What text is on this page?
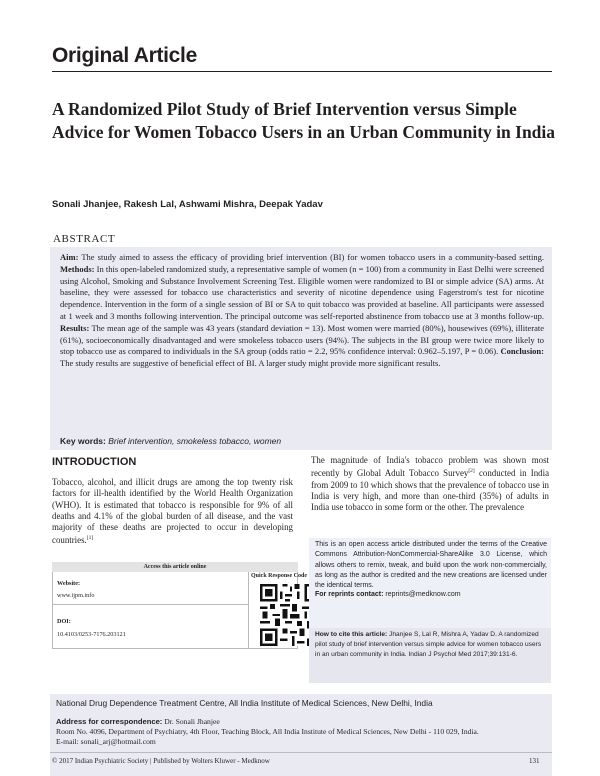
Original Article
A Randomized Pilot Study of Brief Intervention versus Simple Advice for Women Tobacco Users in an Urban Community in India
Sonali Jhanjee, Rakesh Lal, Ashwami Mishra, Deepak Yadav
ABSTRACT
Aim: The study aimed to assess the efficacy of providing brief intervention (BI) for women tobacco users in a community-based setting. Methods: In this open-labeled randomized study, a representative sample of women (n = 100) from a community in East Delhi were screened using Alcohol, Smoking and Substance Involvement Screening Test. Eligible women were randomized to BI or simple advice (SA) arms. At baseline, they were assessed for tobacco use characteristics and severity of nicotine dependence using Fagerstrom's test for nicotine dependence. Intervention in the form of a single session of BI or SA to quit tobacco was provided at baseline. All participants were assessed at 1 week and 3 months following intervention. The principal outcome was self-reported abstinence from tobacco use at 3 months follow-up. Results: The mean age of the sample was 43 years (standard deviation = 13). Most women were married (80%), housewives (69%), illiterate (61%), socioeconomically disadvantaged and were smokeless tobacco users (94%). The subjects in the BI group were twice more likely to stop tobacco use as compared to individuals in the SA group (odds ratio = 2.2, 95% confidence interval: 0.962–5.197, P = 0.06). Conclusion: The study results are suggestive of beneficial effect of BI. A larger study might provide more significant results.
Key words: Brief intervention, smokeless tobacco, women
INTRODUCTION
Tobacco, alcohol, and illicit drugs are among the top twenty risk factors for ill-health identified by the World Health Organization (WHO). It is estimated that tobacco is responsible for 9% of all deaths and 4.1% of the global burden of all disease, and the vast majority of these deaths are projected to occur in developing countries.[1]
Access this article online
Website:
www.ijpm.info
DOI:
10.4103/0253-7176.203121
Quick Response Code
The magnitude of India's tobacco problem was shown most recently by Global Adult Tobacco Survey[2] conducted in India from 2009 to 10 which shows that the prevalence of tobacco use in India is very high, and more than one-third (35%) of adults in India use tobacco in some form or the other. The prevalence
This is an open access article distributed under the terms of the Creative Commons Attribution-NonCommercial-ShareAlike 3.0 License, which allows others to remix, tweak, and build upon the work non-commercially, as long as the author is credited and the new creations are licensed under the identical terms.
For reprints contact: reprints@medknow.com
How to cite this article: Jhanjee S, Lal R, Mishra A, Yadav D. A randomized pilot study of brief intervention versus simple advice for women tobacco users in an urban community in India. Indian J Psychol Med 2017;39:131-6.
National Drug Dependence Treatment Centre, All India Institute of Medical Sciences, New Delhi, India
Address for correspondence: Dr. Sonali Jhanjee
Room No. 4096, Department of Psychiatry, 4th Floor, Teaching Block, All India Institute of Medical Sciences, New Delhi - 110 029, India.
E-mail: sonali_arj@hotmail.com
© 2017 Indian Psychiatric Society | Published by Wolters Kluwer - Medknow	131
